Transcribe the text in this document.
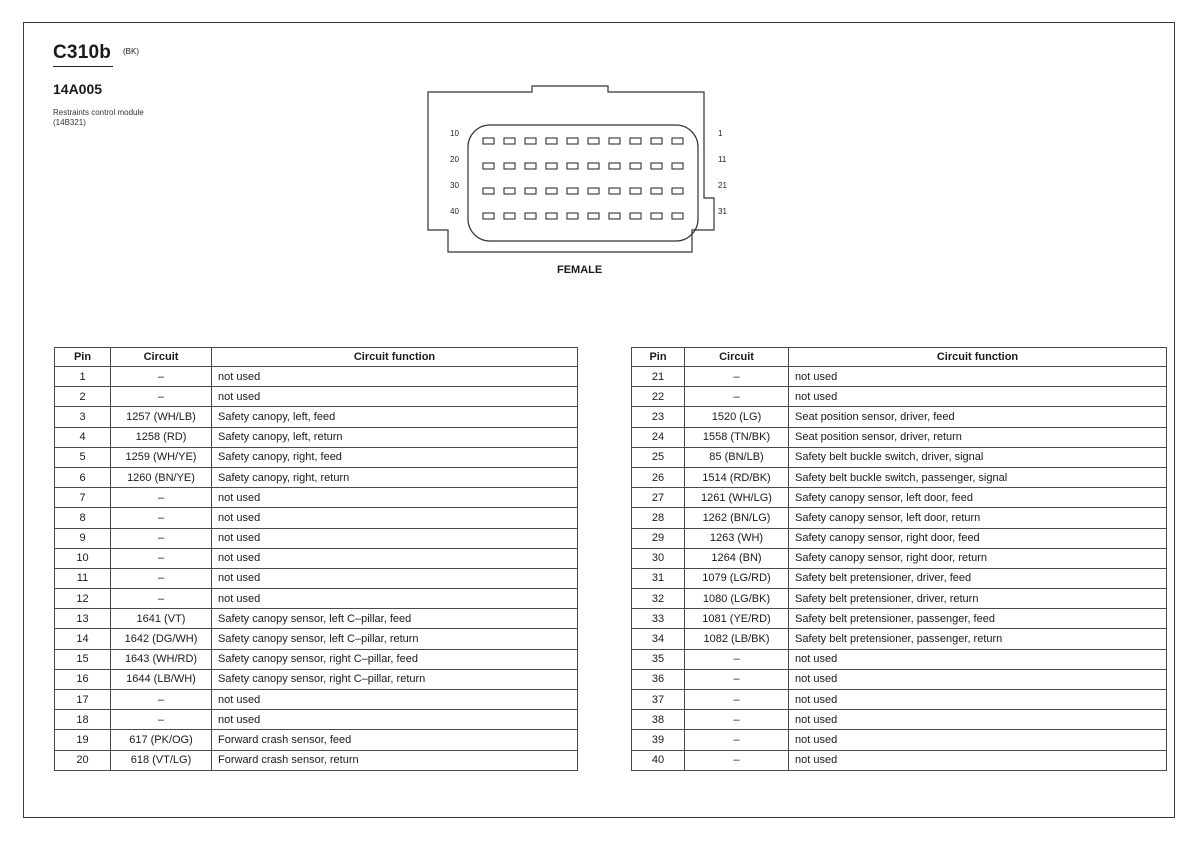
C310b (BK)
14A005
Restraints control module (14B321)
10
20
30
40
1
11
21
31
FEMALE
Pin	Circuit	Circuit function
1	–	not used
2	–	not used
3	1257 (WH/LB)	Safety canopy, left, feed
4	1258 (RD)	Safety canopy, left, return
5	1259 (WH/YE)	Safety canopy, right, feed
6	1260 (BN/YE)	Safety canopy, right, return
7	–	not used
8	–	not used
9	–	not used
10	–	not used
11	–	not used
12	–	not used
13	1641 (VT)	Safety canopy sensor, left C–pillar, feed
14	1642 (DG/WH)	Safety canopy sensor, left C–pillar, return
15	1643 (WH/RD)	Safety canopy sensor, right C–pillar, feed
16	1644 (LB/WH)	Safety canopy sensor, right C–pillar, return
17	–	not used
18	–	not used
19	617 (PK/OG)	Forward crash sensor, feed
20	618 (VT/LG)	Forward crash sensor, return
Pin	Circuit	Circuit function
21	–	not used
22	–	not used
23	1520 (LG)	Seat position sensor, driver, feed
24	1558 (TN/BK)	Seat position sensor, driver, return
25	85 (BN/LB)	Safety belt buckle switch, driver, signal
26	1514 (RD/BK)	Safety belt buckle switch, passenger, signal
27	1261 (WH/LG)	Safety canopy sensor, left door, feed
28	1262 (BN/LG)	Safety canopy sensor, left door, return
29	1263 (WH)	Safety canopy sensor, right door, feed
30	1264 (BN)	Safety canopy sensor, right door, return
31	1079 (LG/RD)	Safety belt pretensioner, driver, feed
32	1080 (LG/BK)	Safety belt pretensioner, driver, return
33	1081 (YE/RD)	Safety belt pretensioner, passenger, feed
34	1082 (LB/BK)	Safety belt pretensioner, passenger, return
35	–	not used
36	–	not used
37	–	not used
38	–	not used
39	–	not used
40	–	not used
